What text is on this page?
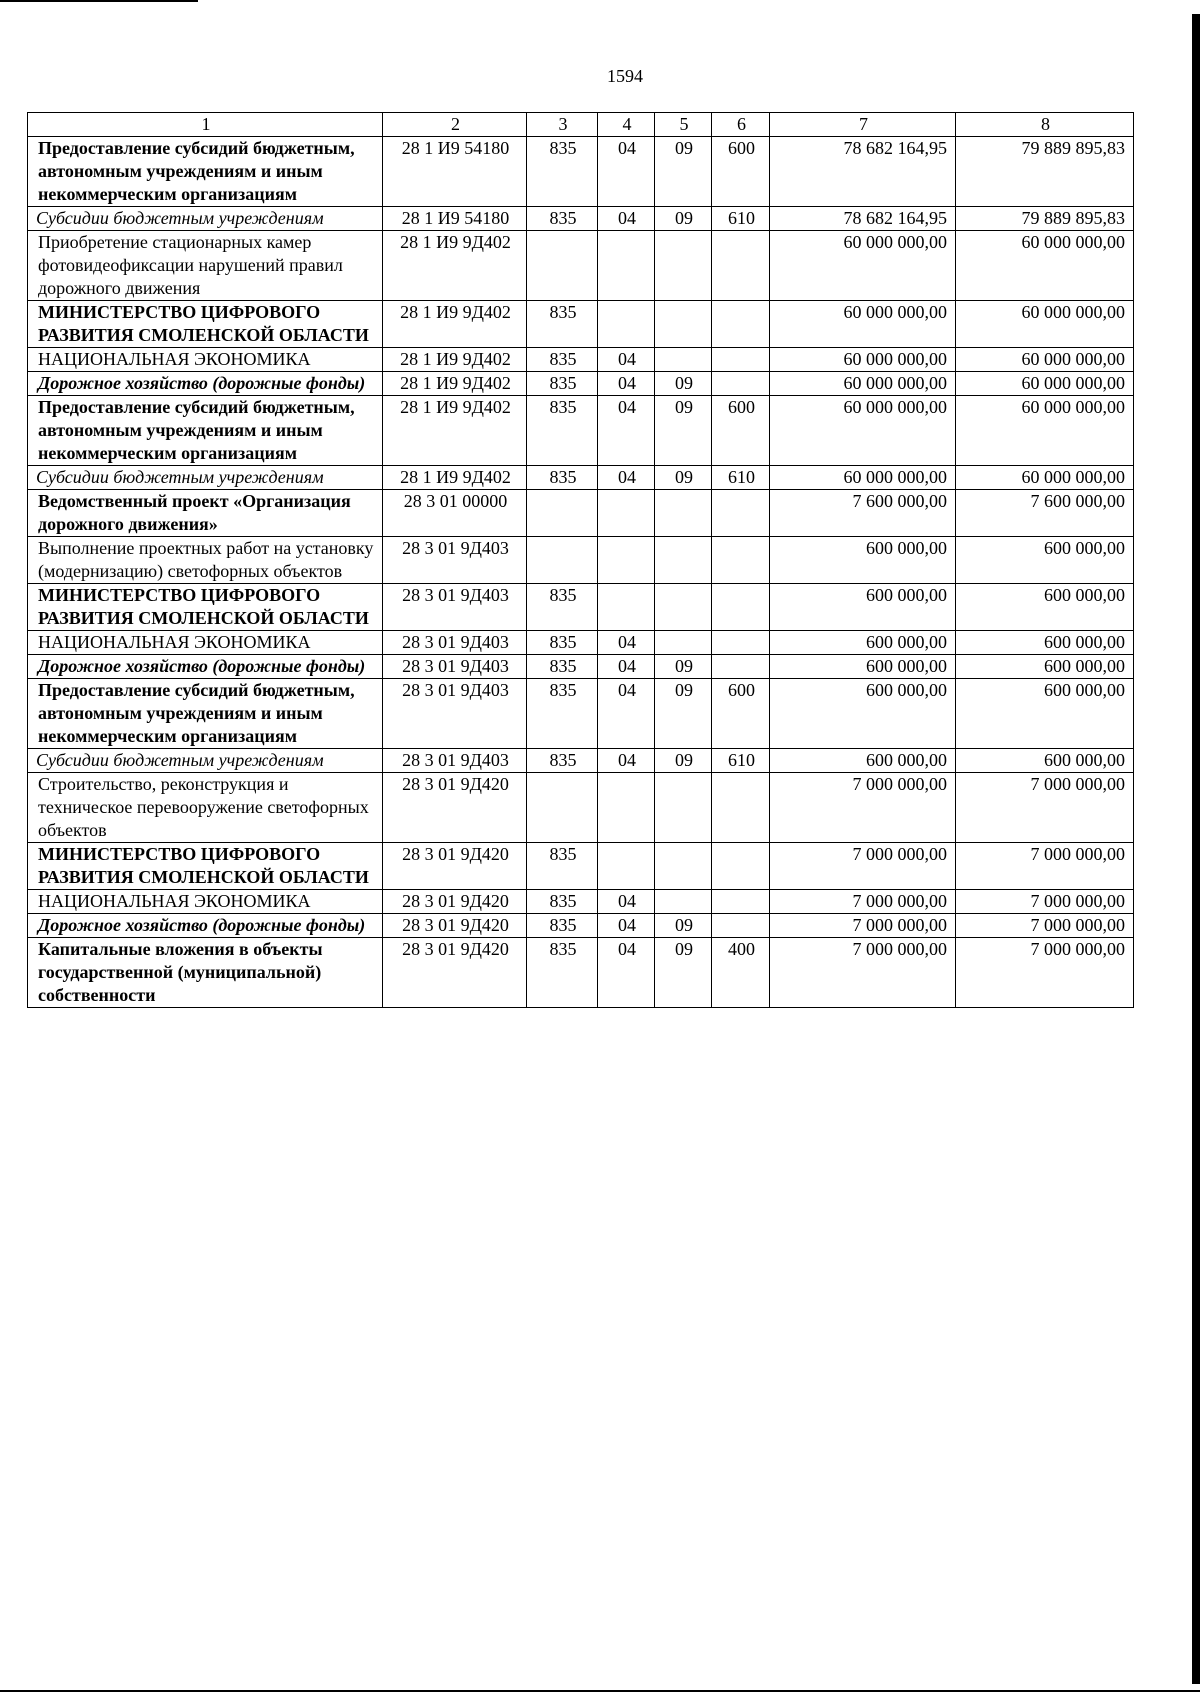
1594
1	2	3	4	5	6	7	8
Предоставление субсидий бюджетным, автономным учреждениям и иным некоммерческим организациям	28 1 И9 54180	835	04	09	600	78 682 164,95	79 889 895,83
Субсидии бюджетным учреждениям	28 1 И9 54180	835	04	09	610	78 682 164,95	79 889 895,83
Приобретение стационарных камер фотовидеофиксации нарушений правил дорожного движения	28 1 И9 9Д402					60 000 000,00	60 000 000,00
МИНИСТЕРСТВО ЦИФРОВОГО РАЗВИТИЯ СМОЛЕНСКОЙ ОБЛАСТИ	28 1 И9 9Д402	835				60 000 000,00	60 000 000,00
НАЦИОНАЛЬНАЯ ЭКОНОМИКА	28 1 И9 9Д402	835	04			60 000 000,00	60 000 000,00
Дорожное хозяйство (дорожные фонды)	28 1 И9 9Д402	835	04	09		60 000 000,00	60 000 000,00
Предоставление субсидий бюджетным, автономным учреждениям и иным некоммерческим организациям	28 1 И9 9Д402	835	04	09	600	60 000 000,00	60 000 000,00
Субсидии бюджетным учреждениям	28 1 И9 9Д402	835	04	09	610	60 000 000,00	60 000 000,00
Ведомственный проект «Организация дорожного движения»	28 3 01 00000					7 600 000,00	7 600 000,00
Выполнение проектных работ на установку (модернизацию) светофорных объектов	28 3 01 9Д403					600 000,00	600 000,00
МИНИСТЕРСТВО ЦИФРОВОГО РАЗВИТИЯ СМОЛЕНСКОЙ ОБЛАСТИ	28 3 01 9Д403	835				600 000,00	600 000,00
НАЦИОНАЛЬНАЯ ЭКОНОМИКА	28 3 01 9Д403	835	04			600 000,00	600 000,00
Дорожное хозяйство (дорожные фонды)	28 3 01 9Д403	835	04	09		600 000,00	600 000,00
Предоставление субсидий бюджетным, автономным учреждениям и иным некоммерческим организациям	28 3 01 9Д403	835	04	09	600	600 000,00	600 000,00
Субсидии бюджетным учреждениям	28 3 01 9Д403	835	04	09	610	600 000,00	600 000,00
Строительство, реконструкция и техническое перевооружение светофорных объектов	28 3 01 9Д420					7 000 000,00	7 000 000,00
МИНИСТЕРСТВО ЦИФРОВОГО РАЗВИТИЯ СМОЛЕНСКОЙ ОБЛАСТИ	28 3 01 9Д420	835				7 000 000,00	7 000 000,00
НАЦИОНАЛЬНАЯ ЭКОНОМИКА	28 3 01 9Д420	835	04			7 000 000,00	7 000 000,00
Дорожное хозяйство (дорожные фонды)	28 3 01 9Д420	835	04	09		7 000 000,00	7 000 000,00
Капитальные вложения в объекты государственной (муниципальной) собственности	28 3 01 9Д420	835	04	09	400	7 000 000,00	7 000 000,00
